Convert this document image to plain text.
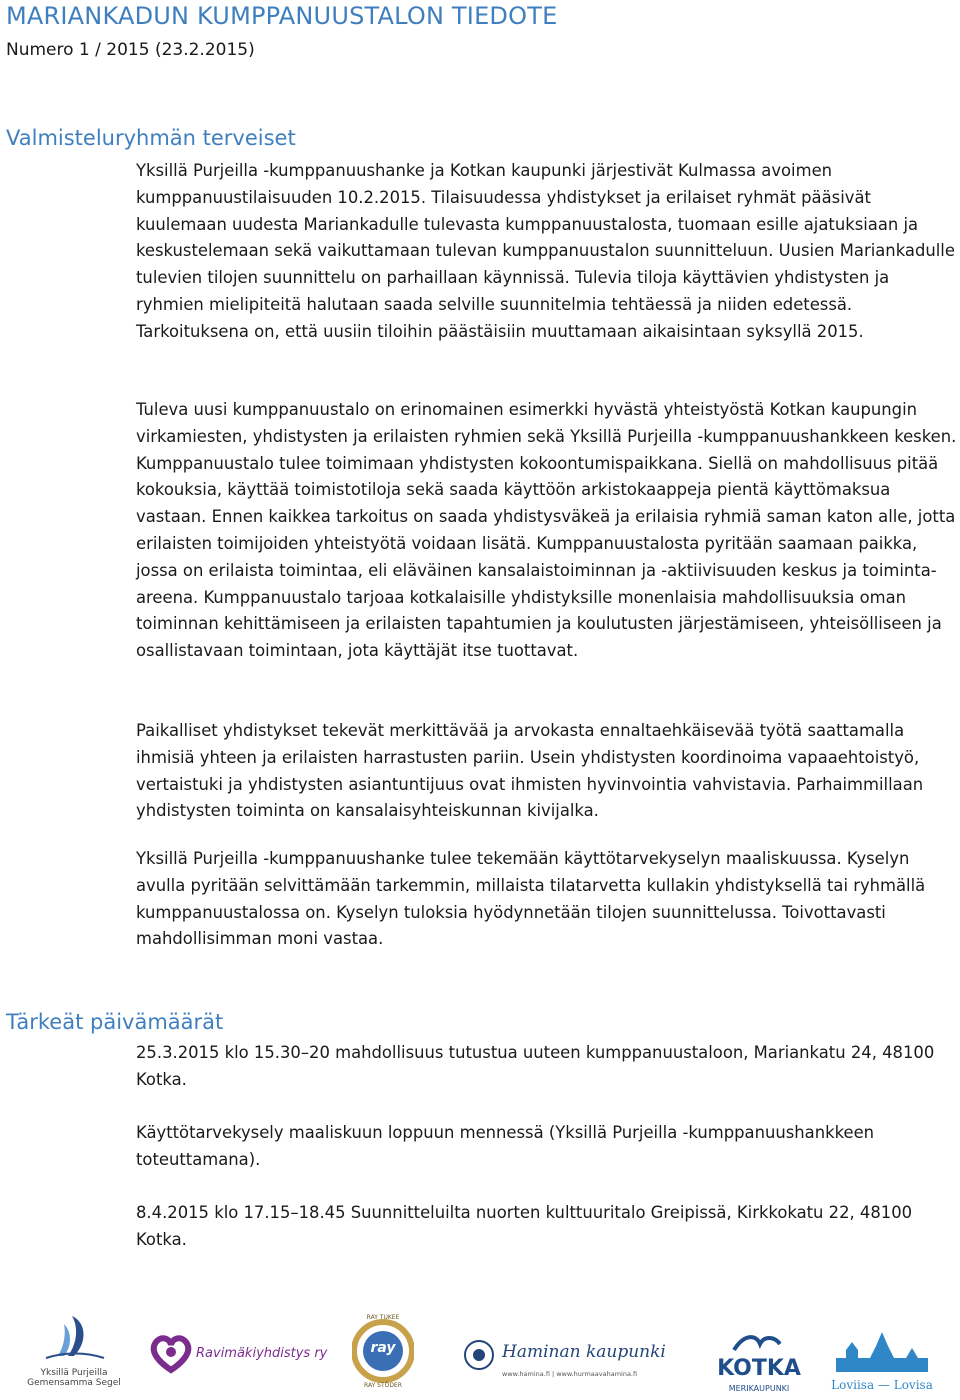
MARIANKADUN KUMPPANUUSTALON TIEDOTE
Numero 1 / 2015 (23.2.2015)
Valmisteluryhmän terveiset

Yksillä Purjeilla -kumppanuushanke ja Kotkan kaupunki järjestivät Kulmassa avoimen kumppanuustilaisuuden 10.2.2015. Tilaisuudessa yhdistykset ja erilaiset ryhmät pääsivät kuulemaan uudesta Mariankadulle tulevasta kumppanuustalosta, tuomaan esille ajatuksiaan ja keskustelemaan sekä vaikuttamaan tulevan kumppanuustalon suunnitteluun. Uusien Mariankadulle tulevien tilojen suunnittelu on parhaillaan käynnissä. Tulevia tiloja käyttävien yhdistysten ja ryhmien mielipiteitä halutaan saada selville suunnitelmia tehtäessä ja niiden edetessä. Tarkoituksena on, että uusiin tiloihin päästäisiin muuttamaan aikaisintaan syksyllä 2015.

Tuleva uusi kumppanuustalo on erinomainen esimerkki hyvästä yhteistyöstä Kotkan kaupungin virkamiesten, yhdistysten ja erilaisten ryhmien sekä Yksillä Purjeilla -kumppanuushankkeen kesken. Kumppanuustalo tulee toimimaan yhdistysten kokoontumispaikkana. Siellä on mahdollisuus pitää kokouksia, käyttää toimistotiloja sekä saada käyttöön arkistokaappeja pientä käyttömaksua vastaan. Ennen kaikkea tarkoitus on saada yhdistysväkeä ja erilaisia ryhmiä saman katon alle, jotta erilaisten toimijoiden yhteistyötä voidaan lisätä. Kumppanuustalosta pyritään saamaan paikka, jossa on erilaista toimintaa, eli eläväinen kansalaistoiminnan ja -aktiivisuuden keskus ja toiminta-areena. Kumppanuustalo tarjoaa kotkalaisille yhdistyksille monenlaisia mahdollisuuksia oman toiminnan kehittämiseen ja erilaisten tapahtumien ja koulutusten järjestämiseen, yhteisölliseen ja osallistavaan toimintaan, jota käyttäjät itse tuottavat.

Paikalliset yhdistykset tekevät merkittävää ja arvokasta ennaltaehkäisevää työtä saattamalla ihmisiä yhteen ja erilaisten harrastusten pariin. Usein yhdistysten koordinoima vapaaehtoistyö, vertaistuki ja yhdistysten asiantuntijuus ovat ihmisten hyvinvointia vahvistavia. Parhaimmillaan yhdistysten toiminta on kansalaisyhteiskunnan kivijalka.

Yksillä Purjeilla -kumppanuushanke tulee tekemään käyttötarvekyselyn maaliskuussa. Kyselyn avulla pyritään selvittämään tarkemmin, millaista tilatarvetta kullakin yhdistyksellä tai ryhmällä kumppanuustalossa on. Kyselyn tuloksia hyödynnetään tilojen suunnittelussa. Toivottavasti mahdollisimman moni vastaa.

Tärkeät päivämäärät

25.3.2015 klo 15.30–20 mahdollisuus tutustua uuteen kumppanuustaloon, Mariankatu 24, 48100 Kotka.

Käyttötarvekysely maaliskuun loppuun mennessä (Yksillä Purjeilla -kumppanuushankkeen toteuttamana).

8.4.2015 klo 17.15–18.45 Suunnitteluilta nuorten kulttuuritalo Greipissä, Kirkkokatu 22, 48100 Kotka.

Yksillä Purjeilla
Gemensamma Segel
Ravimäkiyhdistys ry	ray
RAY TUKEE
RAY STÖDER
Haminan kaupunki
www.hamina.fi | www.hurmaavahamina.fi	KOTKA
MERIKAUPUNKI	Loviisa — Lovisa
